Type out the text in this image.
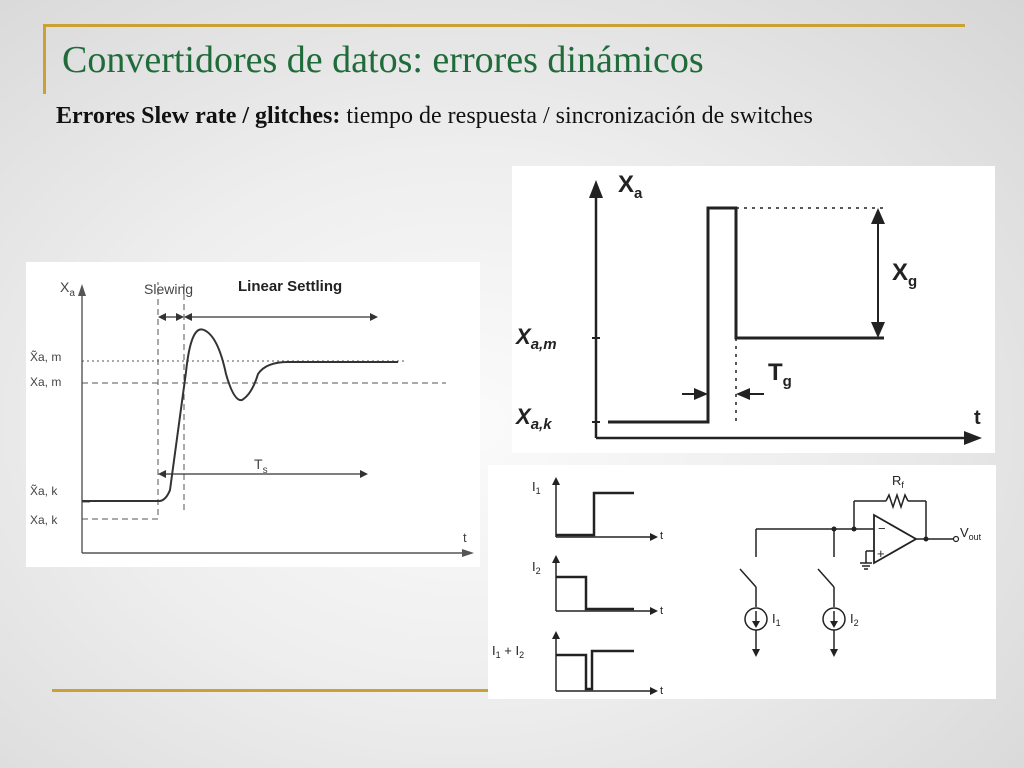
Convertidores de datos: errores dinámicos
Errores Slew rate / glitches: tiempo de respuesta / sincronización de switches
$X_a$
t
X̃a, m
Xa, m
X̃a, k
Xa, k
Slewing	Linear Settling
$T_s$
$X_a$
t
$X_{a,m}$
$X_{a,k}$
$X_g$
$T_g$
$I_1$
t
$I_2$
t
$I_1 + I_2$
t
$R_f$
−
+
$V_{out}$
$I_1$	$I_2$
